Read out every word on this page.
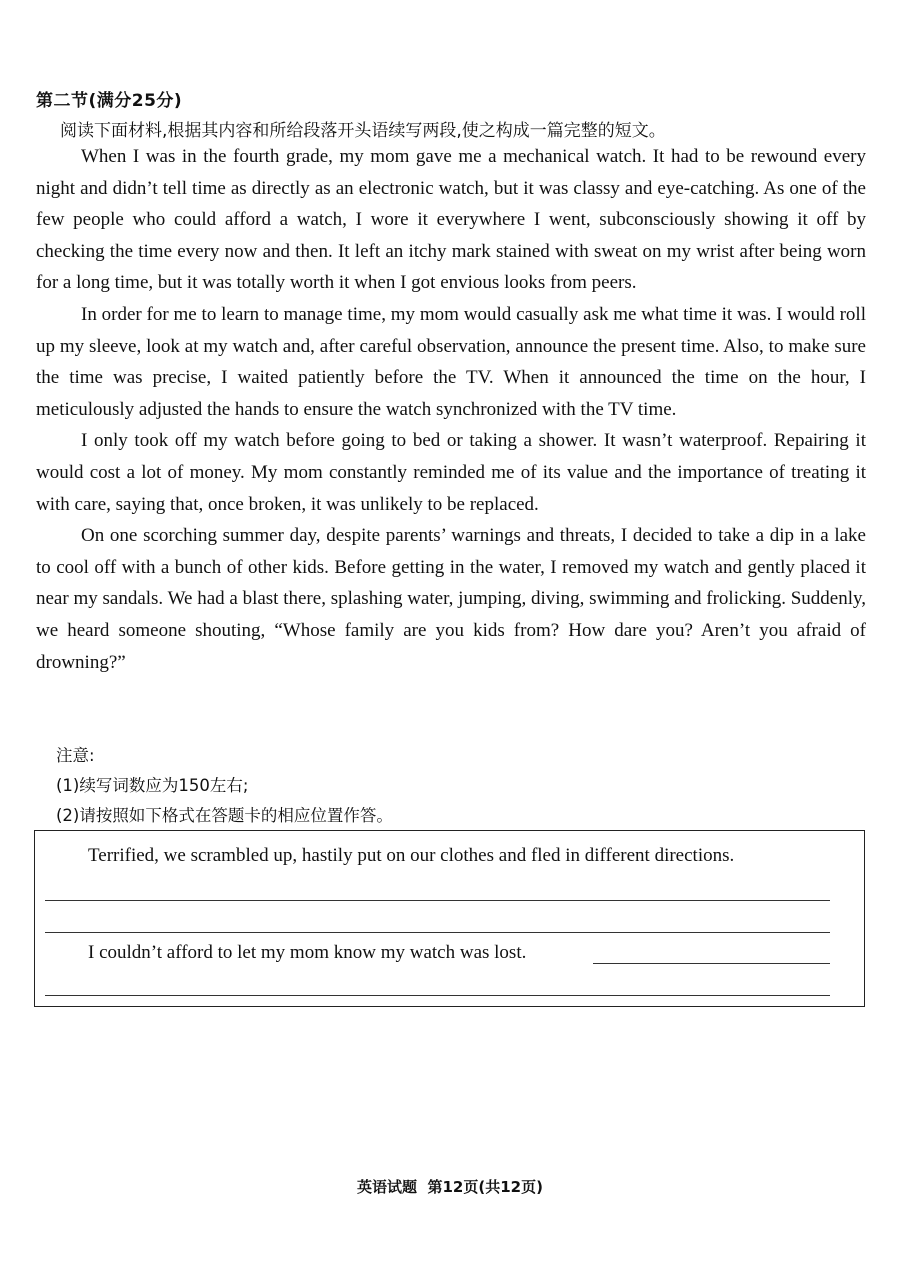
第二节(满分25分)
阅读下面材料,根据其内容和所给段落开头语续写两段,使之构成一篇完整的短文。

When I was in the fourth grade, my mom gave me a mechanical watch. It had to be rewound every night and didn’t tell time as directly as an electronic watch, but it was classy and eye-catching. As one of the few people who could afford a watch, I wore it everywhere I went, subconsciously showing it off by checking the time every now and then. It left an itchy mark stained with sweat on my wrist after being worn for a long time, but it was totally worth it when I got envious looks from peers.

In order for me to learn to manage time, my mom would casually ask me what time it was. I would roll up my sleeve, look at my watch and, after careful observation, announce the present time. Also, to make sure the time was precise, I waited patiently before the TV. When it announced the time on the hour, I meticulously adjusted the hands to ensure the watch synchronized with the TV time.

I only took off my watch before going to bed or taking a shower. It wasn’t waterproof. Repairing it would cost a lot of money. My mom constantly reminded me of its value and the importance of treating it with care, saying that, once broken, it was unlikely to be replaced.

On one scorching summer day, despite parents’ warnings and threats, I decided to take a dip in a lake to cool off with a bunch of other kids. Before getting in the water, I removed my watch and gently placed it near my sandals. We had a blast there, splashing water, jumping, diving, swimming and frolicking. Suddenly, we heard someone shouting, “Whose family are you kids from? How dare you? Aren’t you afraid of drowning?”

注意:
(1)续写词数应为150左右;
(2)请按照如下格式在答题卡的相应位置作答。
Terrified, we scrambled up, hastily put on our clothes and fled in different directions.
I couldn’t afford to let my mom know my watch was lost.
英语试题  第12页(共12页)
